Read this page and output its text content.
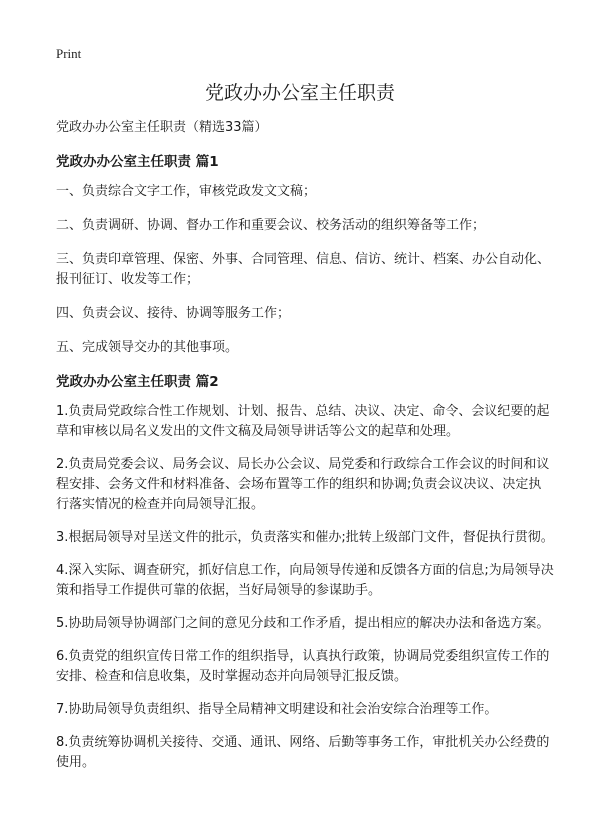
Print
党政办办公室主任职责

党政办办公室主任职责（精选33篇）

党政办办公室主任职责 篇1

一、负责综合文字工作，审核党政发文文稿；

二、负责调研、协调、督办工作和重要会议、校务活动的组织筹备等工作；

三、负责印章管理、保密、外事、合同管理、信息、信访、统计、档案、办公自动化、报刊征订、收发等工作；

四、负责会议、接待、协调等服务工作；

五、完成领导交办的其他事项。

党政办办公室主任职责 篇2

1.负责局党政综合性工作规划、计划、报告、总结、决议、决定、命令、会议纪要的起草和审核以局名义发出的文件文稿及局领导讲话等公文的起草和处理。

2.负责局党委会议、局务会议、局长办公会议、局党委和行政综合工作会议的时间和议程安排、会务文件和材料准备、会场布置等工作的组织和协调;负责会议决议、决定执行落实情况的检查并向局领导汇报。

3.根据局领导对呈送文件的批示，负责落实和催办;批转上级部门文件，督促执行贯彻。

4.深入实际、调查研究，抓好信息工作，向局领导传递和反馈各方面的信息;为局领导决策和指导工作提供可靠的依据，当好局领导的参谋助手。

5.协助局领导协调部门之间的意见分歧和工作矛盾，提出相应的解决办法和备选方案。

6.负责党的组织宣传日常工作的组织指导，认真执行政策，协调局党委组织宣传工作的安排、检查和信息收集，及时掌握动态并向局领导汇报反馈。

7.协助局领导负责组织、指导全局精神文明建设和社会治安综合治理等工作。

8.负责统筹协调机关接待、交通、通讯、网络、后勤等事务工作，审批机关办公经费的使用。
